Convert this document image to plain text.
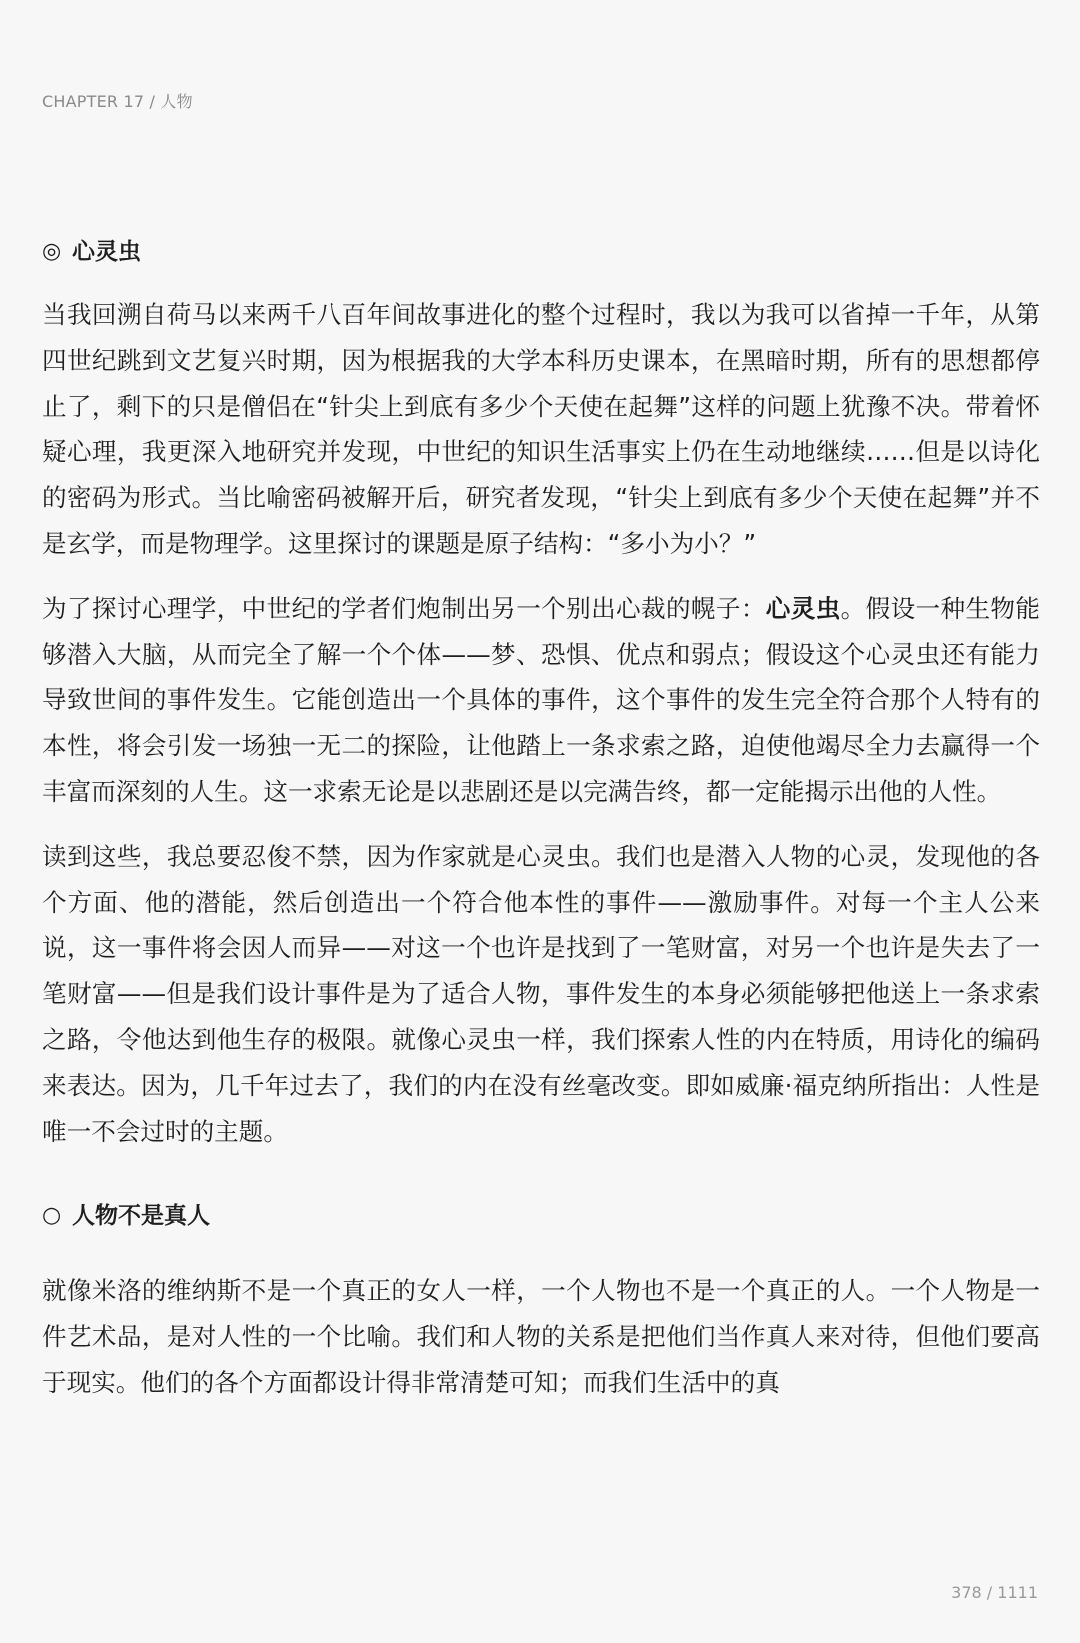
CHAPTER 17 / 人物
◎ 心灵虫

当我回溯自荷马以来两千八百年间故事进化的整个过程时，我以为我可以省掉一千年，从第四世纪跳到文艺复兴时期，因为根据我的大学本科历史课本，在黑暗时期，所有的思想都停止了，剩下的只是僧侣在“针尖上到底有多少个天使在起舞”这样的问题上犹豫不决。带着怀疑心理，我更深入地研究并发现，中世纪的知识生活事实上仍在生动地继续……但是以诗化的密码为形式。当比喻密码被解开后，研究者发现，“针尖上到底有多少个天使在起舞”并不是玄学，而是物理学。这里探讨的课题是原子结构：“多小为小？”

为了探讨心理学，中世纪的学者们炮制出另一个别出心裁的幌子：心灵虫。假设一种生物能够潜入大脑，从而完全了解一个个体——梦、恐惧、优点和弱点；假设这个心灵虫还有能力导致世间的事件发生。它能创造出一个具体的事件，这个事件的发生完全符合那个人特有的本性，将会引发一场独一无二的探险，让他踏上一条求索之路，迫使他竭尽全力去赢得一个丰富而深刻的人生。这一求索无论是以悲剧还是以完满告终，都一定能揭示出他的人性。

读到这些，我总要忍俊不禁，因为作家就是心灵虫。我们也是潜入人物的心灵，发现他的各个方面、他的潜能，然后创造出一个符合他本性的事件——激励事件。对每一个主人公来说，这一事件将会因人而异——对这一个也许是找到了一笔财富，对另一个也许是失去了一笔财富——但是我们设计事件是为了适合人物，事件发生的本身必须能够把他送上一条求索之路，令他达到他生存的极限。就像心灵虫一样，我们探索人性的内在特质，用诗化的编码来表达。因为，几千年过去了，我们的内在没有丝毫改变。即如威廉·福克纳所指出：人性是唯一不会过时的主题。

○ 人物不是真人

就像米洛的维纳斯不是一个真正的女人一样，一个人物也不是一个真正的人。一个人物是一件艺术品，是对人性的一个比喻。我们和人物的关系是把他们当作真人来对待，但他们要高于现实。他们的各个方面都设计得非常清楚可知；而我们生活中的真

378 / 1111
